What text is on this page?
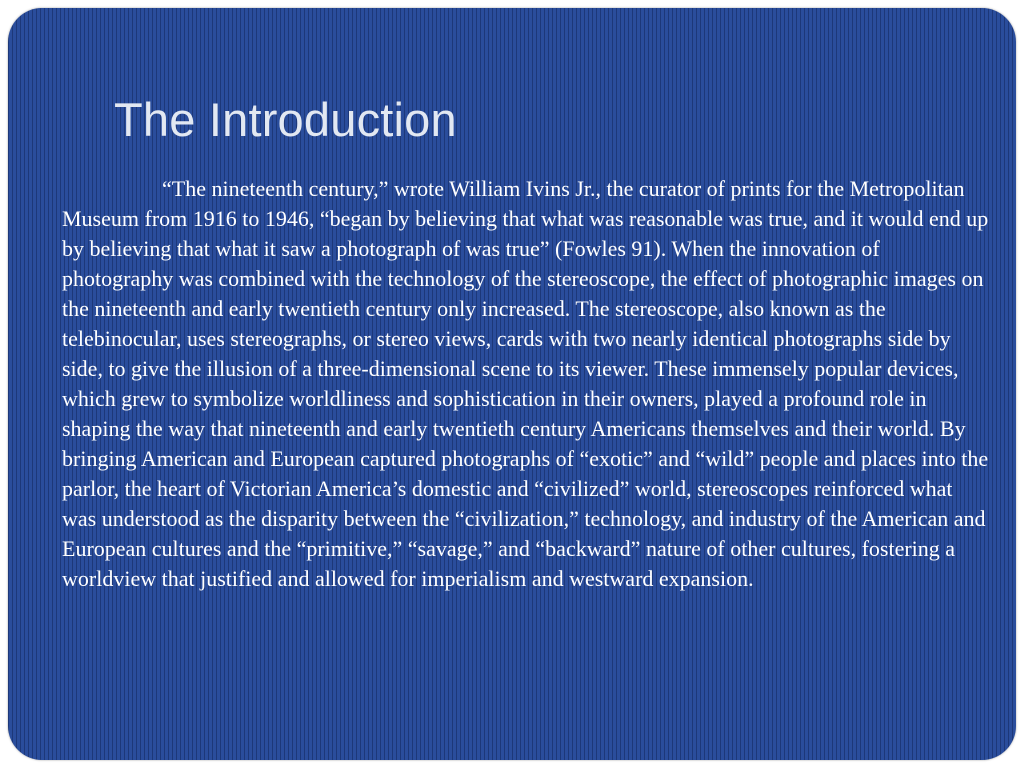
The Introduction

“The nineteenth century,” wrote William Ivins Jr., the curator of prints for the Metropolitan Museum from 1916 to 1946, “began by believing that what was reasonable was true, and it would end up by believing that what it saw a photograph of was true” (Fowles 91). When the innovation of photography was combined with the technology of the stereoscope, the effect of photographic images on the nineteenth and early twentieth century only increased. The stereoscope, also known as the telebinocular, uses stereographs, or stereo views, cards with two nearly identical photographs side by side, to give the illusion of a three-dimensional scene to its viewer. These immensely popular devices, which grew to symbolize worldliness and sophistication in their owners, played a profound role in shaping the way that nineteenth and early twentieth century Americans themselves and their world. By bringing American and European captured photographs of “exotic” and “wild” people and places into the parlor, the heart of Victorian America’s domestic and “civilized” world, stereoscopes reinforced what was understood as the disparity between the “civilization,” technology, and industry of the American and European cultures and the “primitive,” “savage,” and “backward” nature of other cultures, fostering a worldview that justified and allowed for imperialism and westward expansion.
